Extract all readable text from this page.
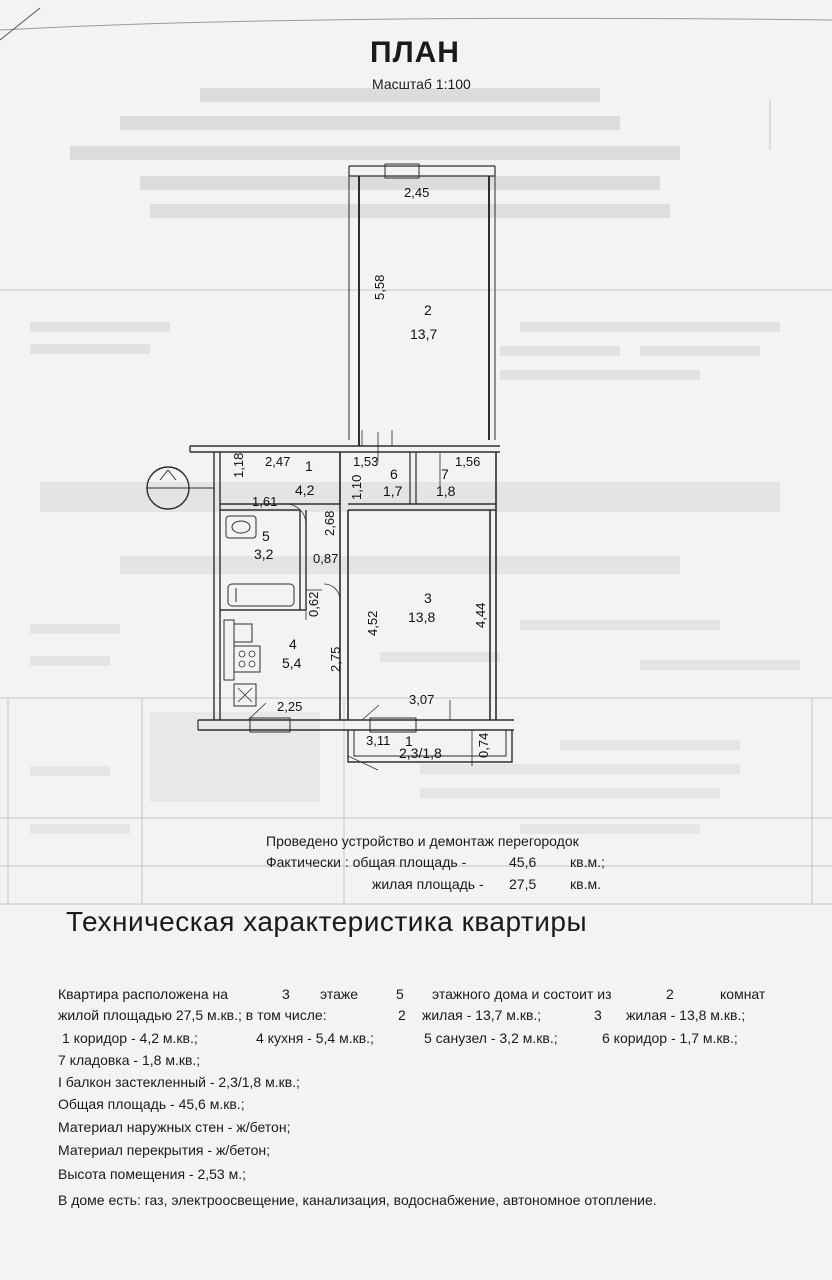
2,45
5,58
2,47
1,18
1,61
1,53
1,10
1,56
2,68
0,87
0,62
4,52	4,44
2,75
2,25	3,07
3,11	0,74
2
13,7
1
4,2
6
1,7
7
1,8
5
3,2
3
13,8
4
5,4
1
2,3/1,8
ПЛАН
Масштаб 1:100
Проведено устройство и демонтаж перегородок
Фактически : общая площадь -	45,6 кв.м.;
жилая площадь - 27,5 кв.м.
Техническая характеристика квартиры
Квартира расположена на	3 этаже	5 этажного дома и состоит из	2	комнат
жилой площадью 27,5 м.кв.; в том числе:	2 жилая - 13,7 м.кв.;	3 жилая - 13,8 м.кв.;
1 коридор - 4,2 м.кв.;	4 кухня - 5,4 м.кв.;	5 санузел - 3,2 м.кв.;	6 коридор - 1,7 м.кв.;
7 кладовка - 1,8 м.кв.;
I балкон застекленный - 2,3/1,8 м.кв.;
Общая площадь - 45,6 м.кв.;
Материал наружных стен - ж/бетон;
Материал перекрытия - ж/бетон;
Высота помещения - 2,53 м.;
В доме есть: газ, электроосвещение, канализация, водоснабжение, автономное отопление.
